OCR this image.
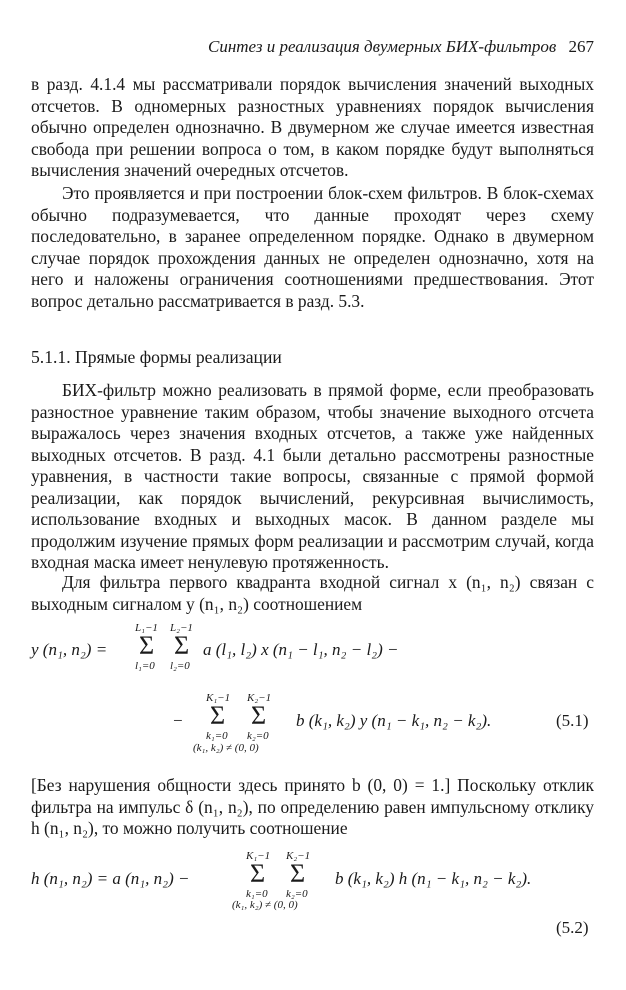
Синтез и реализация двумерных БИХ-фильтров 267

в разд. 4.1.4 мы рассматривали порядок вычисления значений выходных отсчетов. В одномерных разностных уравнениях порядок вычисления обычно определен однозначно. В двумерном же случае имеется известная свобода при решении вопроса о том, в каком порядке будут выполняться вычисления значений очередных отсчетов.

Это проявляется и при построении блок-схем фильтров. В блок-схемах обычно подразумевается, что данные проходят через схему последовательно, в заранее определенном порядке. Однако в двумерном случае порядок прохождения данных не определен однозначно, хотя на него и наложены ограничения соотношениями предшествования. Этот вопрос детально рассматривается в разд. 5.3.

5.1.1. Прямые формы реализации

БИХ-фильтр можно реализовать в прямой форме, если преобразовать разностное уравнение таким образом, чтобы значение выходного отсчета выражалось через значения входных отсчетов, а также уже найденных выходных отсчетов. В разд. 4.1 были детально рассмотрены разностные уравнения, в частности такие вопросы, связанные с прямой формой реализации, как порядок вычислений, рекурсивная вычислимость, использование входных и выходных масок. В данном разделе мы продолжим изучение прямых форм реализации и рассмотрим случай, когда входная маска имеет ненулевую протяженность.

Для фильтра первого квадранта входной сигнал x (n₁, n₂) связан с выходным сигналом y (n₁, n₂) соотношением

y (n₁, n₂) =
L₁−1
Σ
l₁=0
L₂−1
Σ
l₂=0
a (l₁, l₂) x (n₁ − l₁, n₂ − l₂) −
−
K₁−1
Σ
k₁=0
K₂−1
Σ
k₂=0
(k₁, k₂) ≠ (0, 0)
b (k₁, k₂) y (n₁ − k₁, n₂ − k₂).	(5.1)

[Без нарушения общности здесь принято b (0, 0) = 1.] Поскольку отклик фильтра на импульс δ (n₁, n₂), по определению равен импульсному отклику h (n₁, n₂), то можно получить соотношение

h (n₁, n₂) = a (n₁, n₂) −
K₁−1
Σ
k₁=0
K₂−1
Σ
k₂=0
(k₁, k₂) ≠ (0, 0)
b (k₁, k₂) h (n₁ − k₁, n₂ − k₂).
(5.2)
